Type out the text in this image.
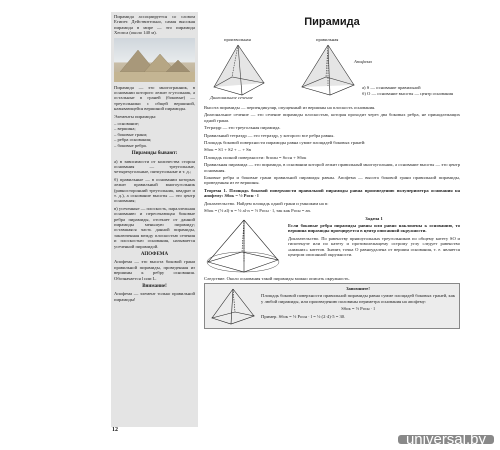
Пирамида ассоциируется со словом Египет. Действительно, самая высокая пирамида в мире — это пирамида Хеопса (около 140 м).

Пирамида — это многогранник, в основании которого лежит n-угольник, а остальные n граней (боковые) — треугольники с общей вершиной, называющейся вершиной пирамиды.

Элементы пирамиды:

– основание;
– вершина;
– боковые грани;
– ребра основания;
– боковые ребра.
Пирамиды бывают:

а) в зависимости от количества сторон основания — треугольные, четырехугольные, пятиугольные и т. д.;

б) правильные — в основании которых лежит правильный многоугольник (равносторонний треугольник, квадрат и т. д.), а основание высоты — это центр основания;

в) усеченные — плоскость, параллельная основанию и пересекающая боковые ребра пирамиды, отсекает от данной пирамиды меньшую пирамиду; оставшаяся часть данной пирамиды, заключенная между плоскостью сечения и плоскостью основания, называется усеченной пирамидой.

АПОФЕМА

Апофема — это высота боковой грани правильной пирамиды, проведенная из вершины к ребру основания. Обозначается l или L.

Внимание!

Апофема — элемент только правильной пирамиды!

Пирамида
произвольная	правильная
Диагональное сечение
Апофема
а) S — основание правильной
б) O — основание высоты — центр основания

Высота пирамиды — перпендикуляр, опущенный из вершины на плоскость основания.

Диагональное сечение — это сечение пирамиды плоскостью, которая проходит через два боковых ребра, не принадлежащих одной грани.

Тетраэдр — это треугольная пирамида.

Правильный тетраэдр — это тетраэдр, у которого все ребра равны.

Площадь боковой поверхности пирамиды равна сумме площадей боковых граней:

Sбок = S1 + S2 + ... + Sn

Площадь полной поверхности: Sполн = Sосн + Sбок

Правильная пирамида — это пирамида, в основании которой лежит правильный многоугольник, а основание высоты — это центр основания.

Боковые ребра и боковые грани правильной пирамиды равны. Апофема — высота боковой грани правильной пирамиды, проведенная из ее вершины.

Теорема 1. Площадь боковой поверхности правильной пирамиды равна произведению полупериметра основания на апофему: Sбок = ½ Pосн · l

Доказательство. Найдем площадь одной грани и умножим на n:

Sбок = (½ al)·n = ½ al·n = ½ Pосн · l, так как Pосн = an.

Задача 1

Если боковые ребра пирамиды равны или равно наклонены к основанию, то вершина пирамиды проецируется в центр описанной окружности.

Доказательство. По равенству прямоугольных треугольников по общему катету SO и гипотенузе или по катету и противолежащему острому углу следует равенство «нижних» катетов. Значит, точка O равноудалена от вершин основания, т. е. является центром описанной окружности.

Следствие. Около основания такой пирамиды можно описать окружность.

Запомните!

Площадь боковой поверхности правильной пирамиды равна сумме площадей боковых граней, как у любой пирамиды, или произведению половины периметра основания на апофему:

Sбок = ½ Pосн · l

Пример. Sбок = ½ Pосн · l = ½ (2·4)·5 = 30.

12
universal.by
